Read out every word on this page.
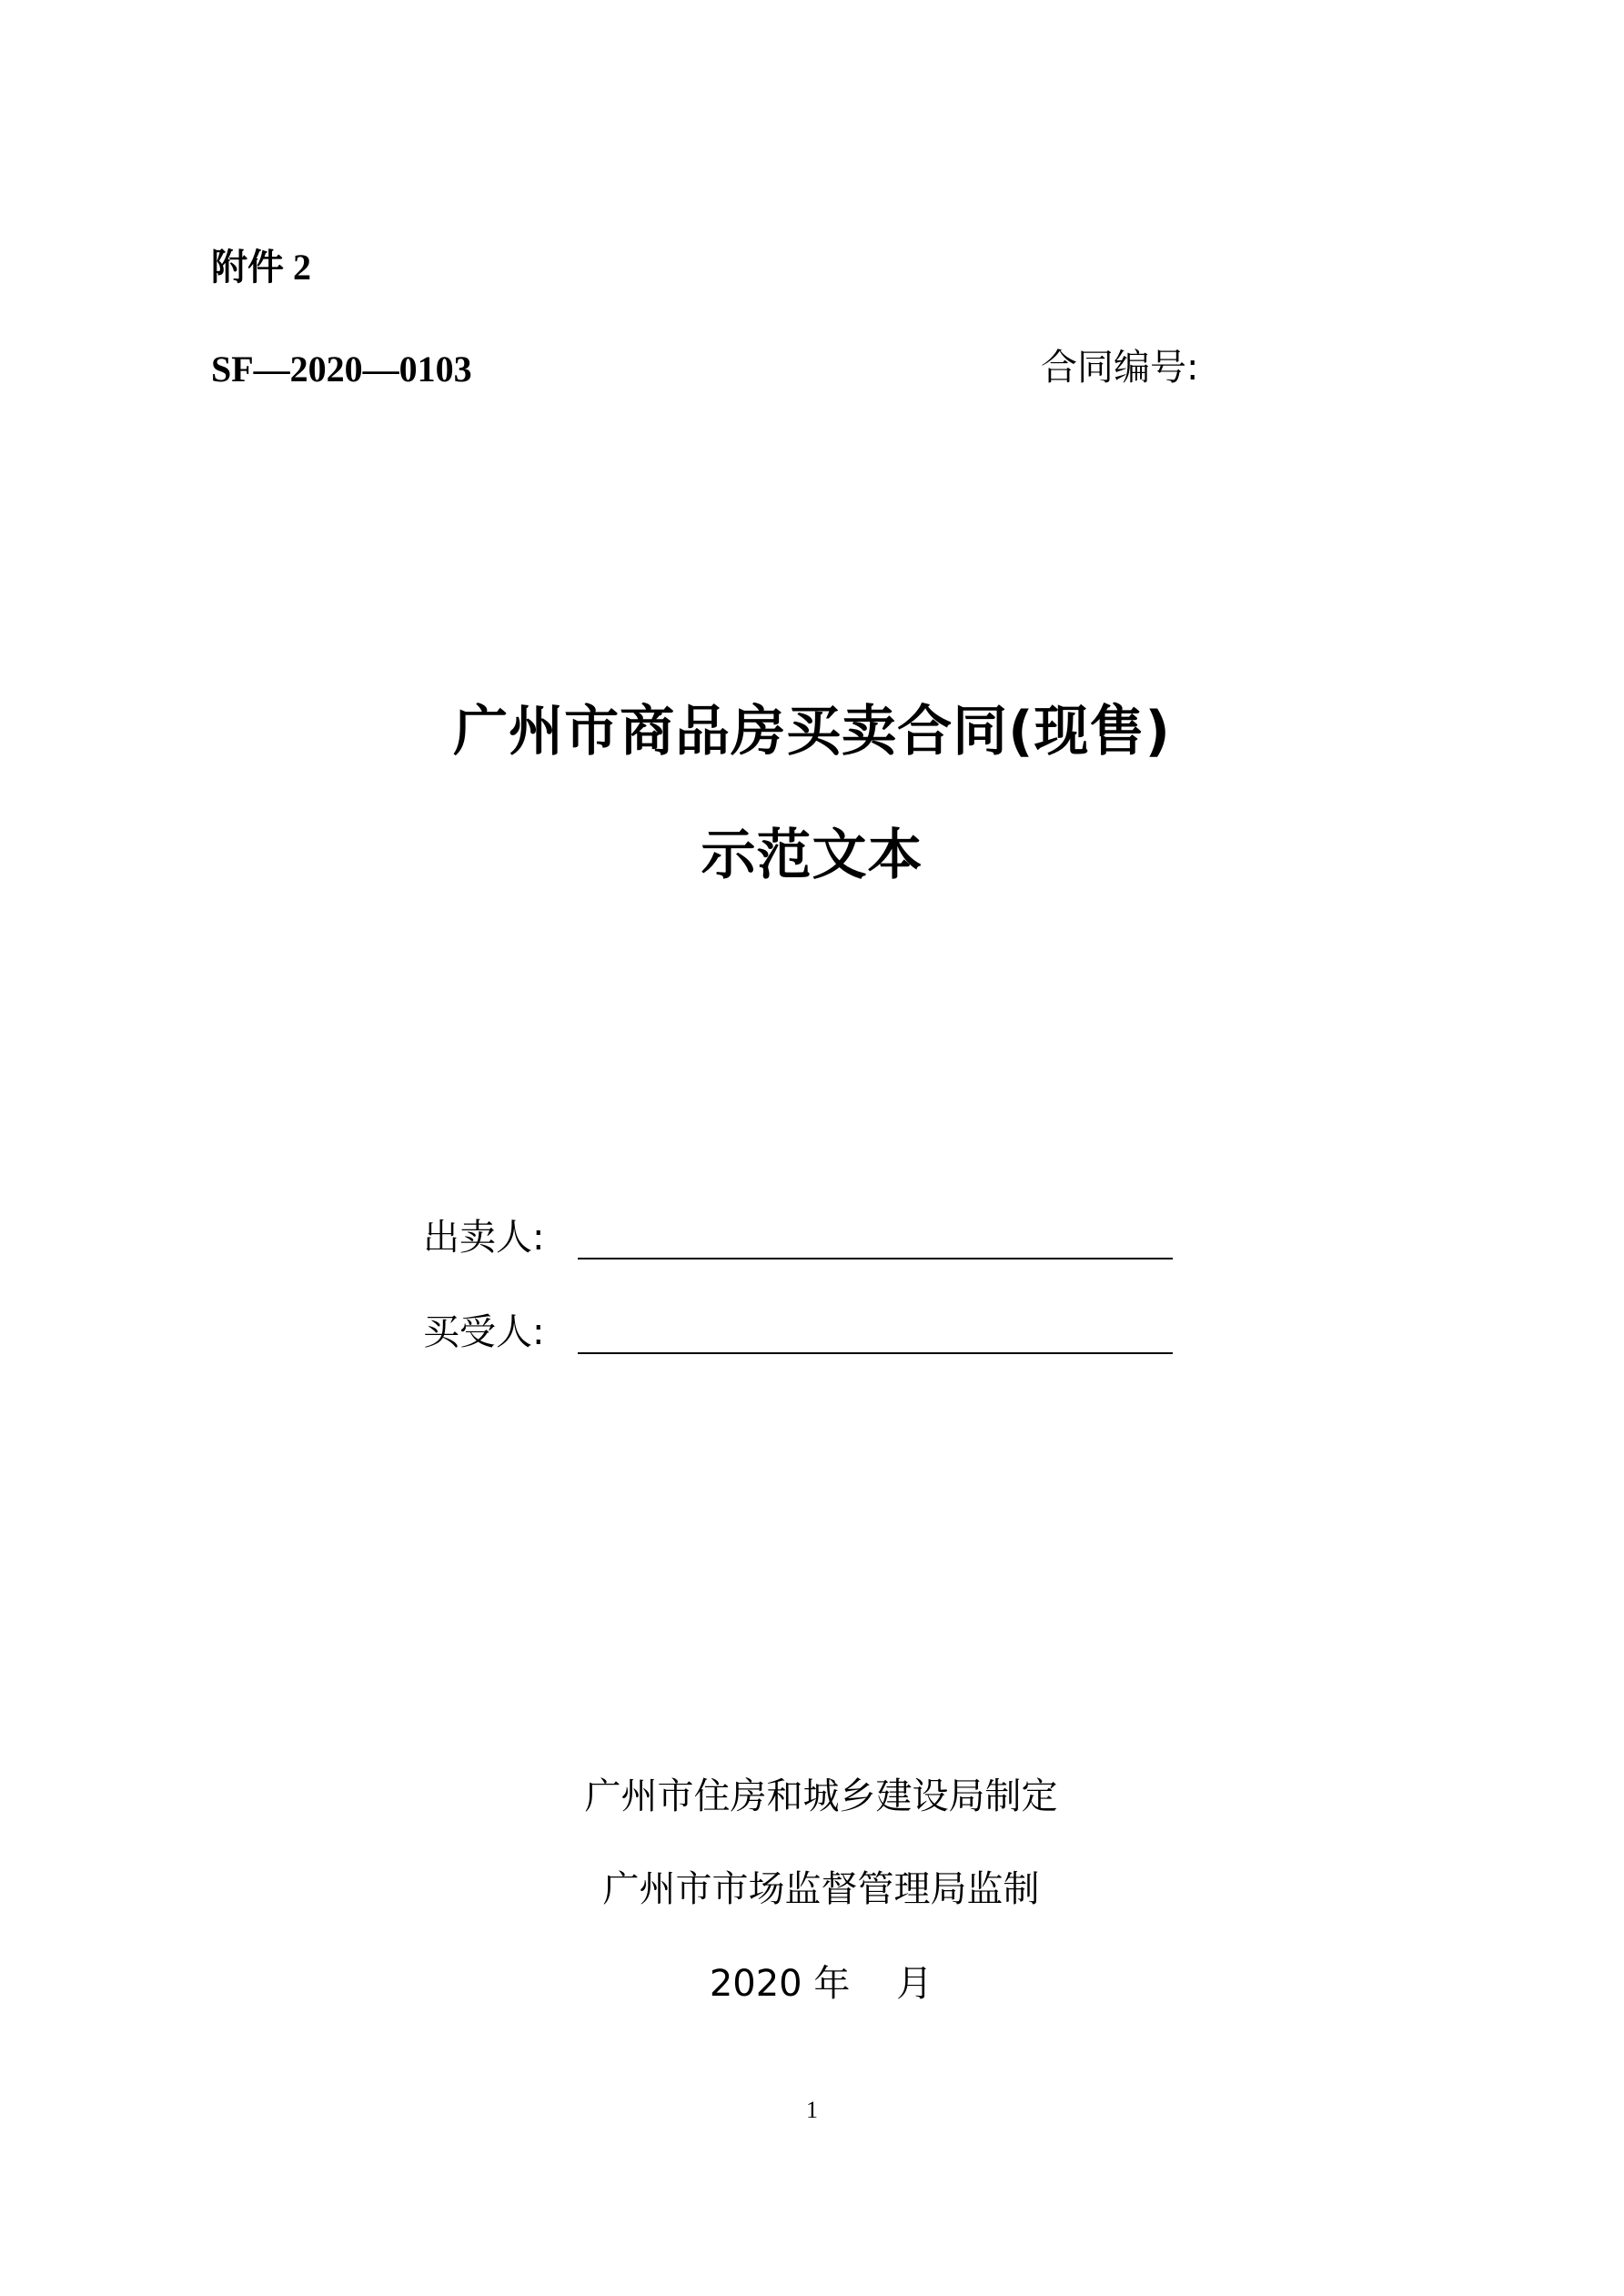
附件 2
SF—2020—0103	合同编号:
广州市商品房买卖合同(现售)
示范文本
出卖人:
买受人:
广州市住房和城乡建设局制定
广州市市场监督管理局监制
2020 年    月
1
